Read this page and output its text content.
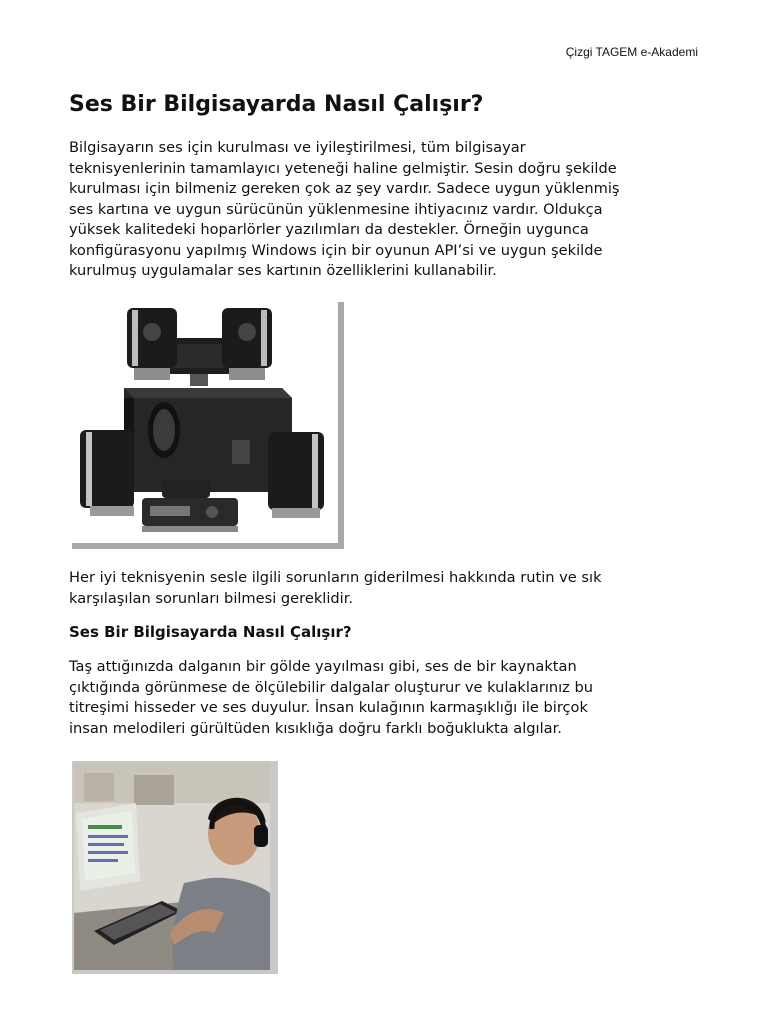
Çizgi TAGEM e-Akademi
Ses Bir Bilgisayarda Nasıl Çalışır?
Bilgisayarın ses için kurulması ve iyileştirilmesi, tüm bilgisayar
teknisyenlerinin tamamlayıcı yeteneği haline gelmiştir. Sesin doğru şekilde
kurulması için bilmeniz gereken çok az şey vardır. Sadece uygun yüklenmiş
ses kartına ve uygun sürücünün yüklenmesine ihtiyacınız vardır. Oldukça
yüksek kalitedeki hoparlörler yazılımları da destekler. Örneğin uygunca
konfigürasyonu yapılmış Windows için bir oyunun API’si ve uygun şekilde
kurulmuş uygulamalar ses kartının özelliklerini kullanabilir.
Her iyi teknisyenin sesle ilgili sorunların giderilmesi hakkında rutin ve sık
karşılaşılan sorunları bilmesi gereklidir.
Ses Bir Bilgisayarda Nasıl Çalışır?
Taş attığınızda dalganın bir gölde yayılması gibi, ses de bir kaynaktan
çıktığında görünmese de ölçülebilir dalgalar oluşturur ve kulaklarınız bu
titreşimi hisseder ve ses duyulur. İnsan kulağının karmaşıklığı ile birçok
insan melodileri gürültüden kısıklığa doğru farklı boğuklukta algılar.
